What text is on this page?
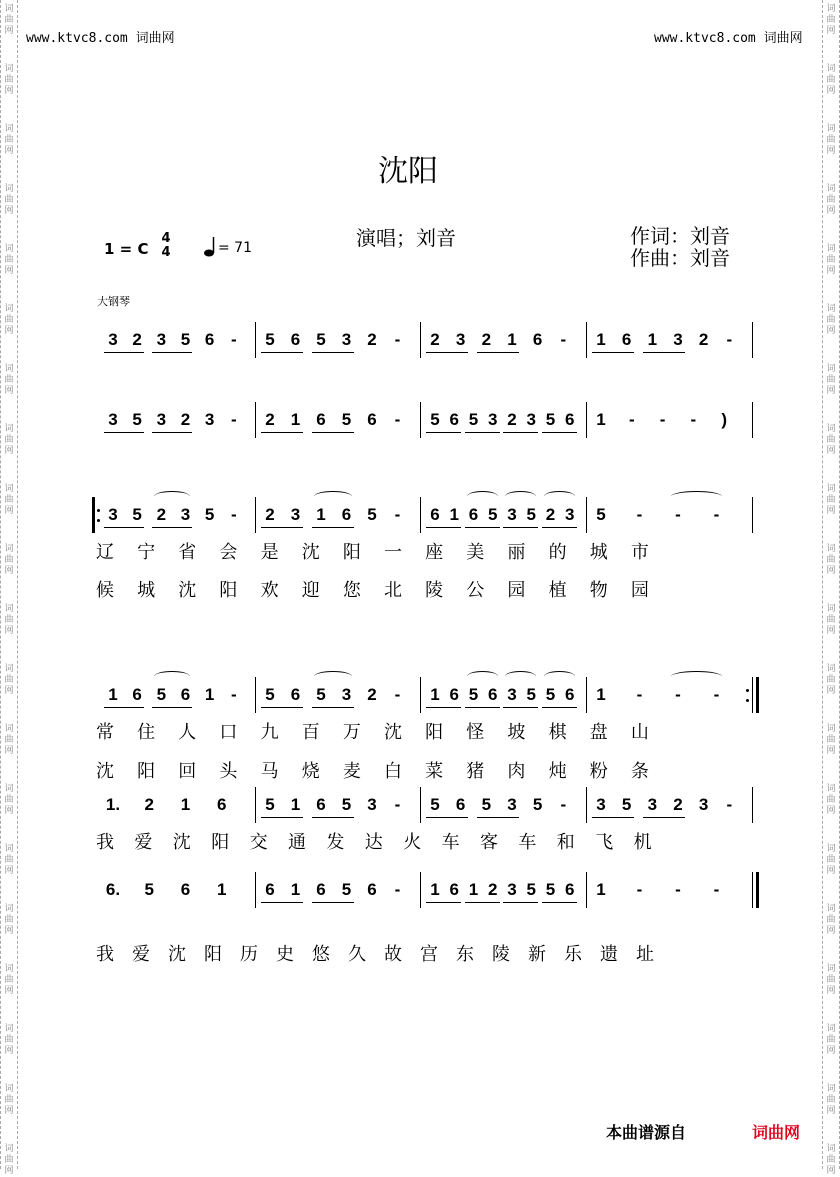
词
曲
网
词
曲
网
词
曲
网
词
曲
网
词
曲
网
词
曲
网
词
曲
网
词
曲
网
词
曲
网
词
曲
网
词
曲
网
词
曲
网
词
曲
网
词
曲
网
词
曲
网
词
曲
网
词
曲
网
词
曲
网
词
曲
网
词
曲
网
词
曲
网
词
曲
网
词
曲
网
词
曲
网
词
曲
网
词
曲
网
词
曲
网
词
曲
网
词
曲
网
词
曲
网
词
曲
网
词
曲
网
词
曲
网
词
曲
网
词
曲
网
词
曲
网
词
曲
网
词
曲
网
词
曲
网
词
曲
网
www.ktvc8.com 词曲网	www.ktvc8.com 词曲网
沈阳
1 = C
4
4	= 71	演唱；刘音	作词：刘音
作曲：刘音
大钢琴
3 2 3 5 6 -	5 6 5 3 2	-	2 3 2 1 6	-	1 6 1 3 2	-
3 5 3 2 3 -	2 1 6 5 6	-	5 6 5 3 2 3 5 6 1	-	-	-	)
3 5 2 3 5 -	2 3 1 6 5	-	6 1 6 5 3 5 2 3 5	-	-	-
1 6 5 6 1 -	5 6 5 3 2	-	1 6 5 6 3 5 5 6 1	-	-	-
1. 2 1 6 5 1 6 5 3	-	5 6 5 3 5	-	3 5 3 2 3	-
6. 5 6 1 6 1 6 5 6	-	1 6 1 2 3 5 5 6 1	-	-	-
辽 宁 省 会 是 沈 阳 一 座 美 丽 的 城 市
候 城 沈 阳 欢 迎 您 北 陵 公 园 植 物 园
常 住 人 口 九 百 万 沈 阳 怪 坡 棋 盘 山
沈 阳 回 头 马 烧 麦 白 菜 猪 肉 炖 粉 条
我 爱 沈 阳 交 通 发 达 火 车 客 车 和 飞 机
我 爱 沈 阳 历 史 悠 久 故 宫 东 陵 新 乐 遗 址
本曲谱源自	词曲网
